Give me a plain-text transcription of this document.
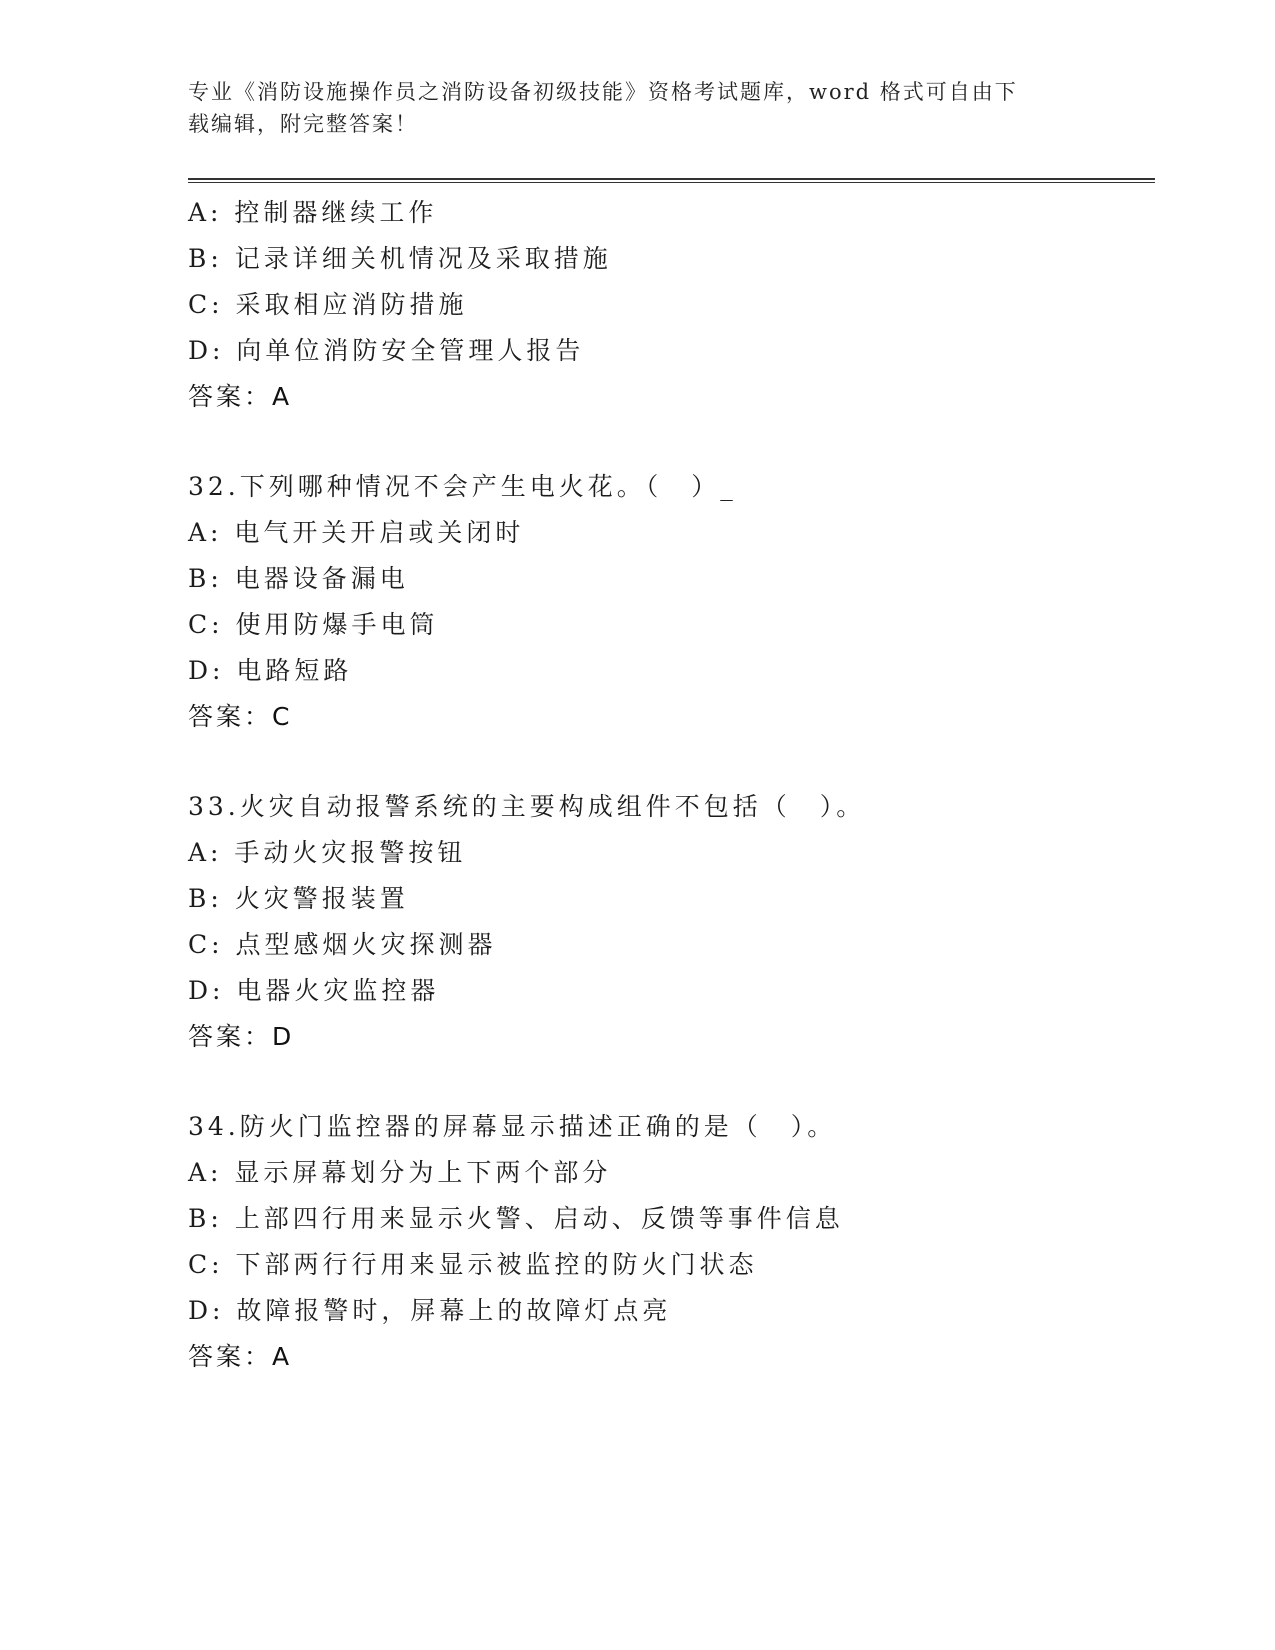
专业《消防设施操作员之消防设备初级技能》资格考试题库，word 格式可自由下
载编辑，附完整答案！
A: 控制器继续工作
B: 记录详细关机情况及采取措施
C: 采取相应消防措施
D: 向单位消防安全管理人报告
答案：A
32.下列哪种情况不会产生电火花。（　）_
A: 电气开关开启或关闭时
B: 电器设备漏电
C: 使用防爆手电筒
D: 电路短路
答案：C
33.火灾自动报警系统的主要构成组件不包括（　）。
A: 手动火灾报警按钮
B: 火灾警报装置
C: 点型感烟火灾探测器
D: 电器火灾监控器
答案：D
34.防火门监控器的屏幕显示描述正确的是（　）。
A: 显示屏幕划分为上下两个部分
B: 上部四行用来显示火警、启动、反馈等事件信息
C: 下部两行行用来显示被监控的防火门状态
D: 故障报警时，屏幕上的故障灯点亮
答案：A
